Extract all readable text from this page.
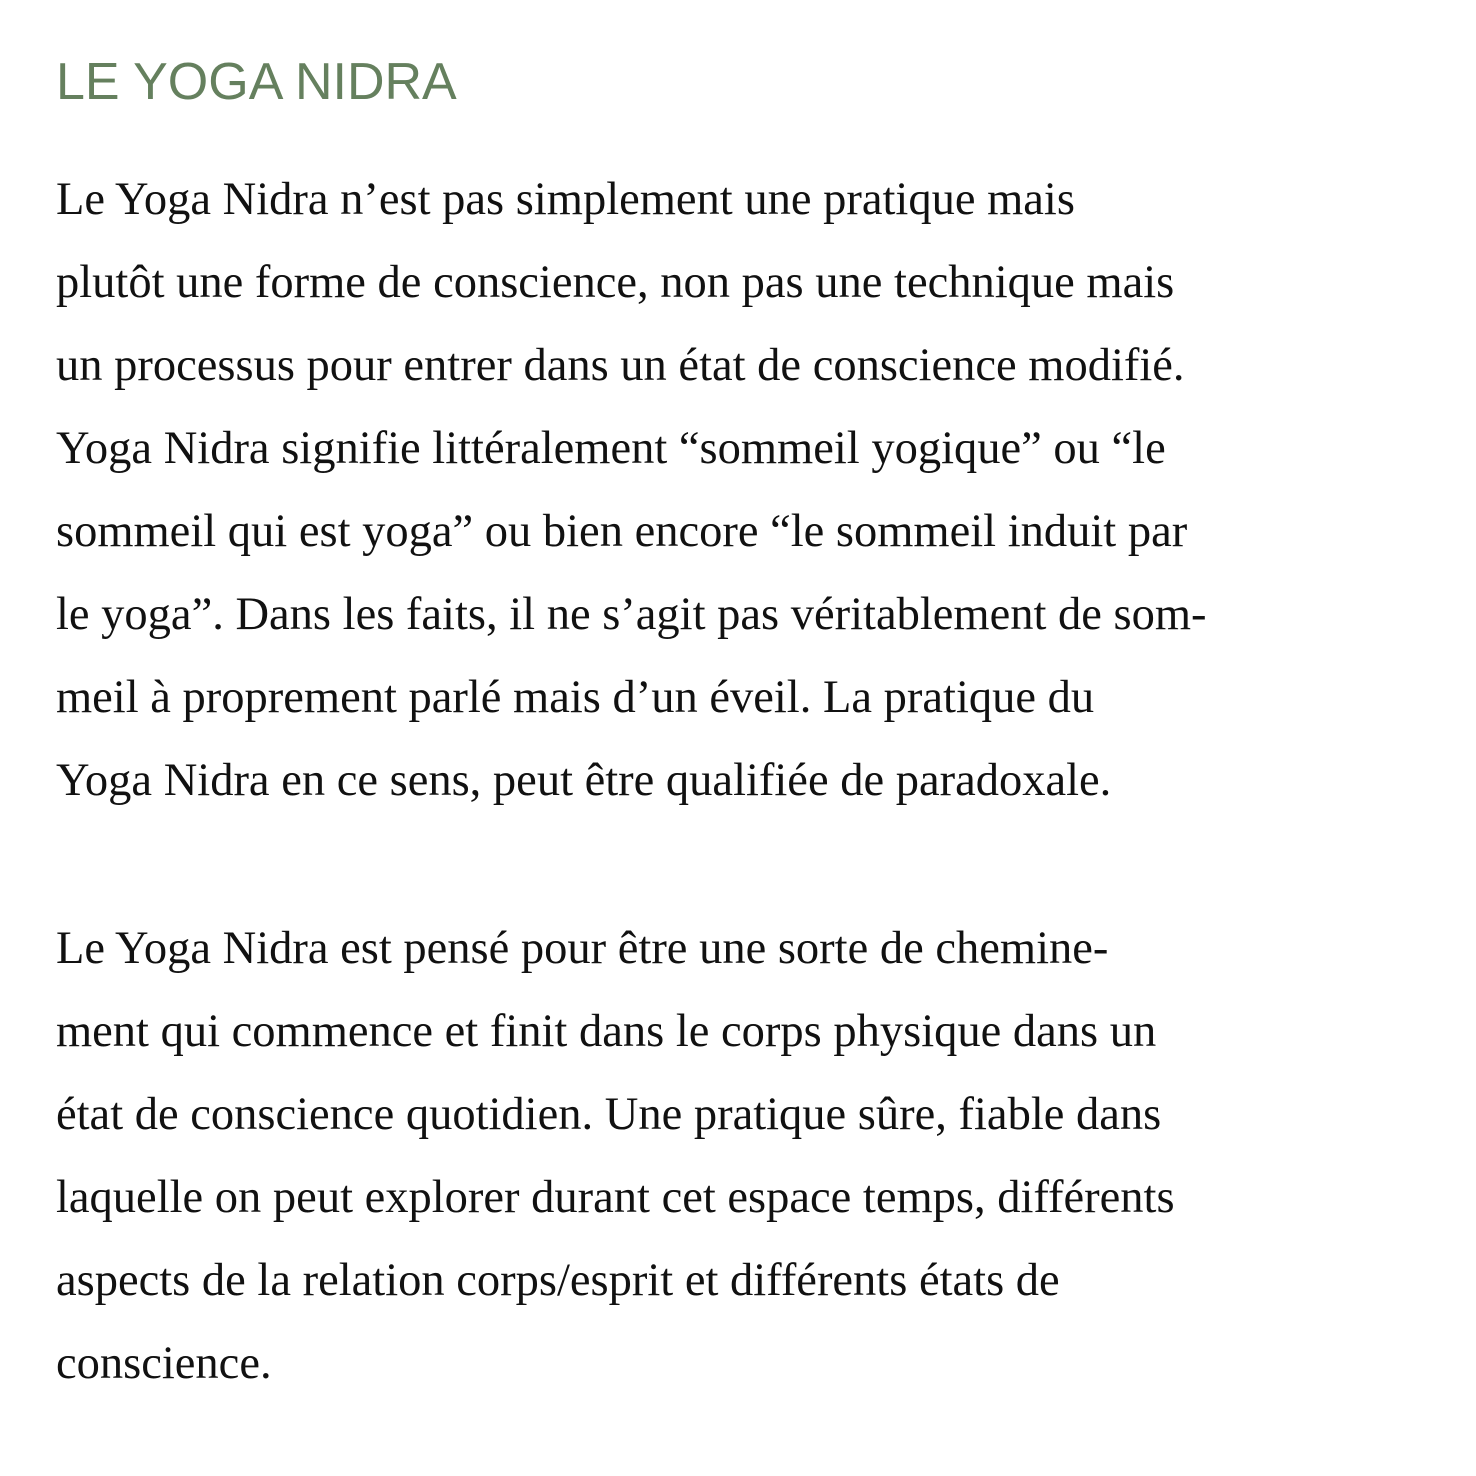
LE YOGA NIDRA

Le Yoga Nidra n’est pas simplement une pratique mais
plutôt une forme de conscience, non pas une technique mais
un processus pour entrer dans un état de conscience modifié.
Yoga Nidra signifie littéralement “sommeil yogique” ou “le
sommeil qui est yoga” ou bien encore “le sommeil induit par
le yoga”. Dans les faits, il ne s’agit pas véritablement de som-
meil à proprement parlé mais d’un éveil. La pratique du
Yoga Nidra en ce sens, peut être qualifiée de paradoxale.

Le Yoga Nidra est pensé pour être une sorte de chemine-
ment qui commence et finit dans le corps physique dans un
état de conscience quotidien. Une pratique sûre, fiable dans
laquelle on peut explorer durant cet espace temps, différents
aspects de la relation corps/esprit et différents états de
conscience.
